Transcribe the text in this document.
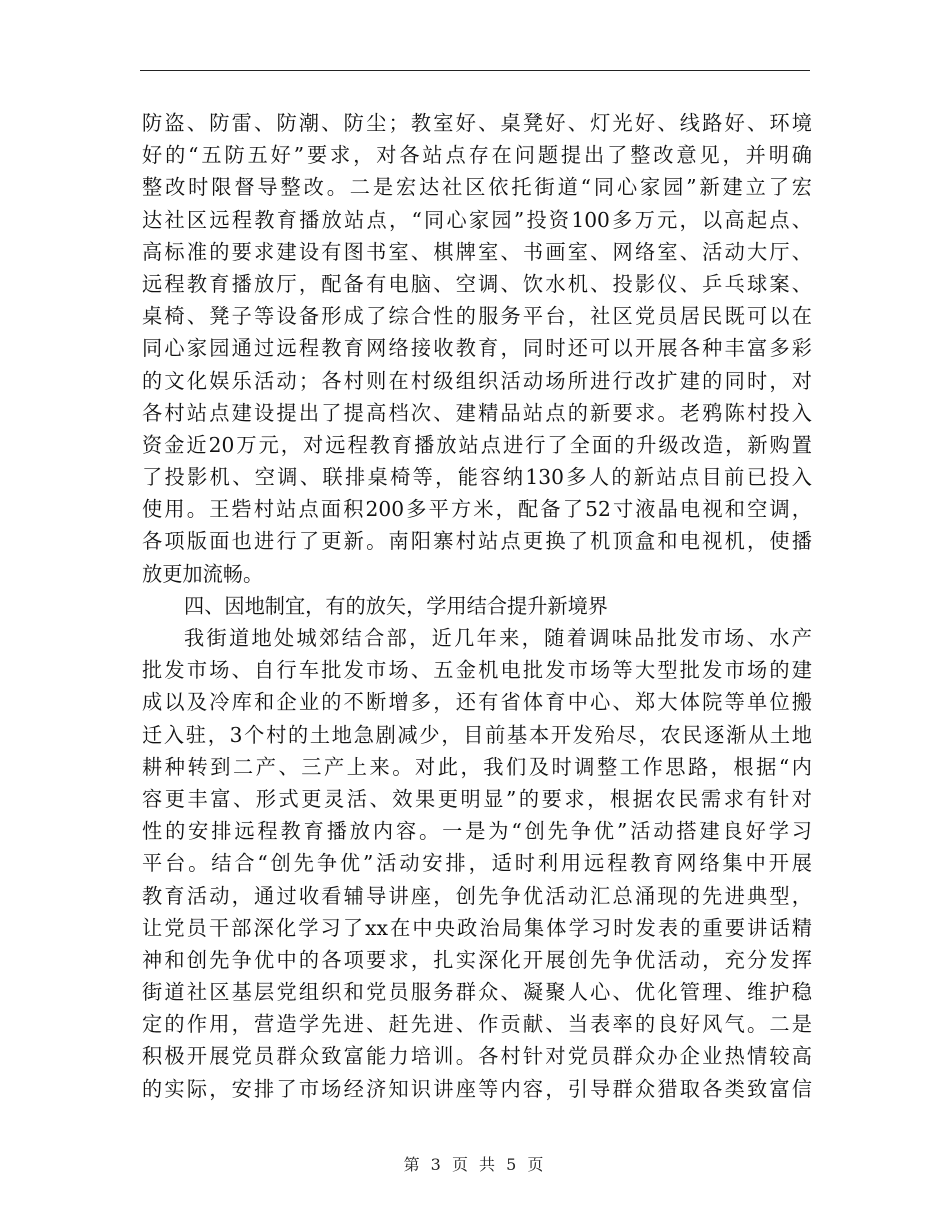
防盗、防雷、防潮、防尘；教室好、桌凳好、灯光好、线路好、环境
好的“五防五好”要求，对各站点存在问题提出了整改意见，并明确
整改时限督导整改。二是宏达社区依托街道“同心家园”新建立了宏
达社区远程教育播放站点，“同心家园”投资100多万元，以高起点、
高标准的要求建设有图书室、棋牌室、书画室、网络室、活动大厅、
远程教育播放厅，配备有电脑、空调、饮水机、投影仪、乒乓球案、
桌椅、凳子等设备形成了综合性的服务平台，社区党员居民既可以在
同心家园通过远程教育网络接收教育，同时还可以开展各种丰富多彩
的文化娱乐活动；各村则在村级组织活动场所进行改扩建的同时，对
各村站点建设提出了提高档次、建精品站点的新要求。老鸦陈村投入
资金近20万元，对远程教育播放站点进行了全面的升级改造，新购置
了投影机、空调、联排桌椅等，能容纳130多人的新站点目前已投入
使用。王砦村站点面积200多平方米，配备了52寸液晶电视和空调，
各项版面也进行了更新。南阳寨村站点更换了机顶盒和电视机，使播
放更加流畅。
四、因地制宜，有的放矢，学用结合提升新境界
我街道地处城郊结合部，近几年来，随着调味品批发市场、水产
批发市场、自行车批发市场、五金机电批发市场等大型批发市场的建
成以及冷库和企业的不断增多，还有省体育中心、郑大体院等单位搬
迁入驻，3个村的土地急剧减少，目前基本开发殆尽，农民逐渐从土地
耕种转到二产、三产上来。对此，我们及时调整工作思路，根据“内
容更丰富、形式更灵活、效果更明显”的要求，根据农民需求有针对
性的安排远程教育播放内容。一是为“创先争优”活动搭建良好学习
平台。结合“创先争优”活动安排，适时利用远程教育网络集中开展
教育活动，通过收看辅导讲座，创先争优活动汇总涌现的先进典型，
让党员干部深化学习了xx在中央政治局集体学习时发表的重要讲话精
神和创先争优中的各项要求，扎实深化开展创先争优活动，充分发挥
街道社区基层党组织和党员服务群众、凝聚人心、优化管理、维护稳
定的作用，营造学先进、赶先进、作贡献、当表率的良好风气。二是
积极开展党员群众致富能力培训。各村针对党员群众办企业热情较高
的实际，安排了市场经济知识讲座等内容，引导群众猎取各类致富信
第 3 页 共 5 页
